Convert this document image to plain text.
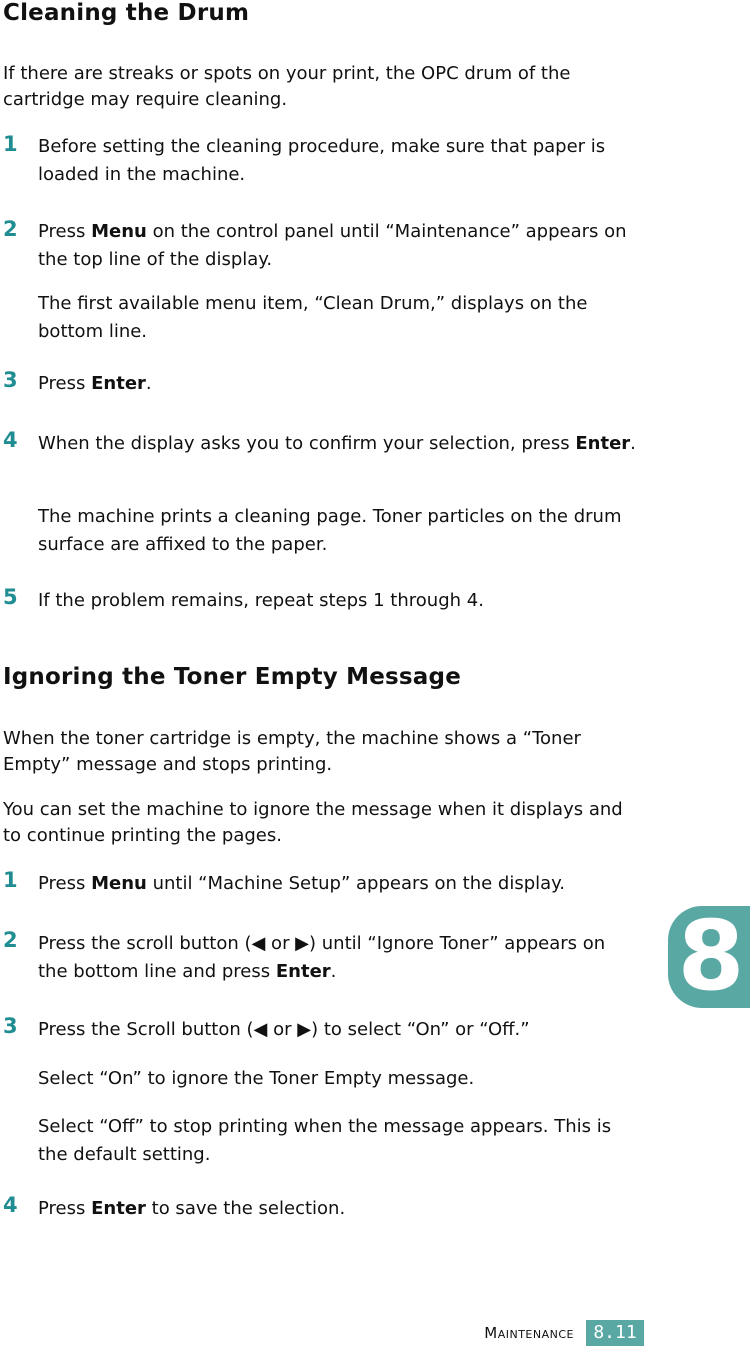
Cleaning the Drum

If there are streaks or spots on your print, the OPC drum of the cartridge may require cleaning.

1	Before setting the cleaning procedure, make sure that paper is loaded in the machine.

2	Press Menu on the control panel until “Maintenance” appears on the top line of the display.

The first available menu item, “Clean Drum,” displays on the bottom line.

3	Press Enter.

4	When the display asks you to confirm your selection, press Enter.

The machine prints a cleaning page. Toner particles on the drum surface are affixed to the paper.

5	If the problem remains, repeat steps 1 through 4.

Ignoring the Toner Empty Message

When the toner cartridge is empty, the machine shows a “Toner Empty” message and stops printing.

You can set the machine to ignore the message when it displays and to continue printing the pages.

1	Press Menu until “Machine Setup” appears on the display.

2	Press the scroll button (◀ or ▶) until “Ignore Toner” appears on the bottom line and press Enter.

3	Press the Scroll button (◀ or ▶) to select “On” or “Off.”

Select “On” to ignore the Toner Empty message.

Select “Off” to stop printing when the message appears. This is the default setting.

4	Press Enter to save the selection.

8
Maintenance	8.11
